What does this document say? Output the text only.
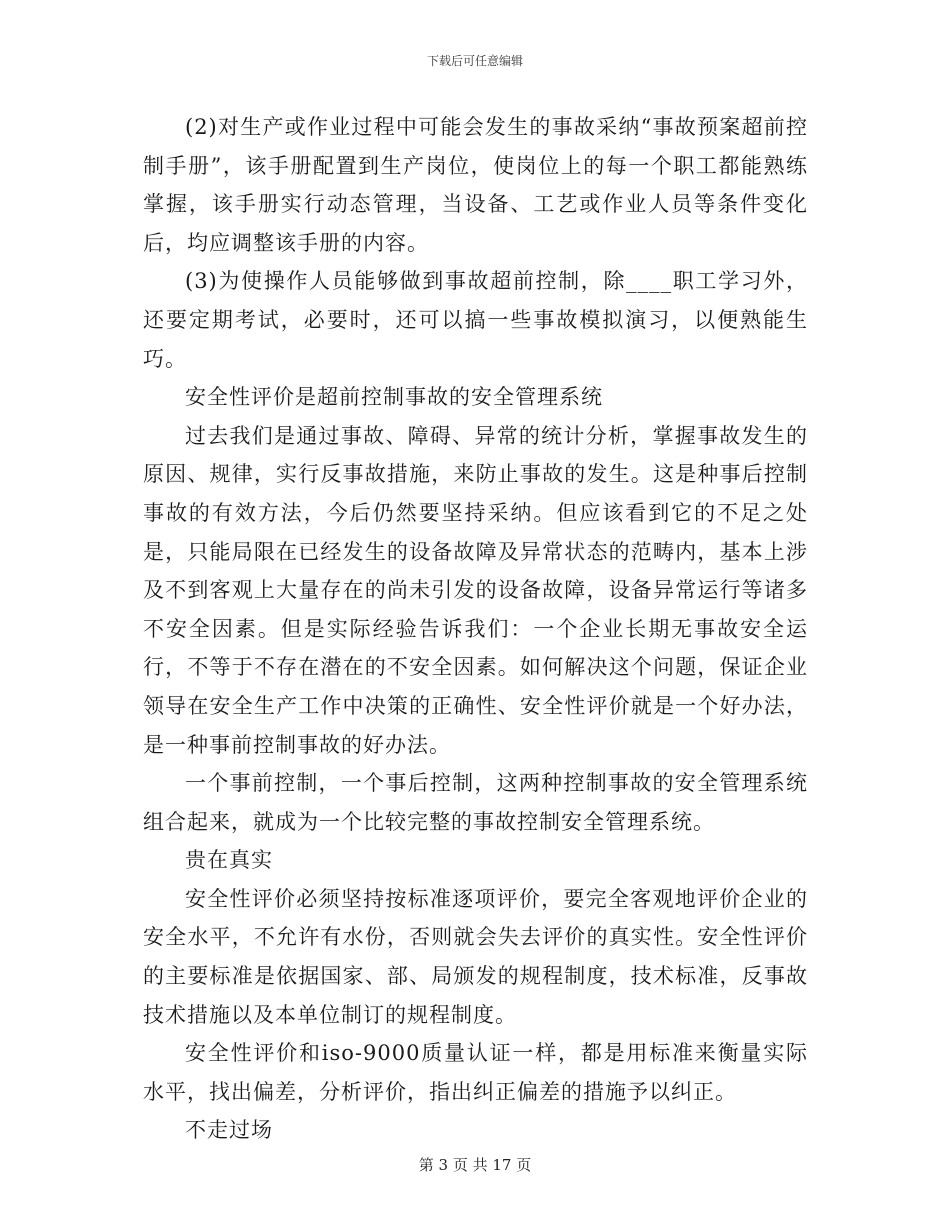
下载后可任意编辑

(2)对生产或作业过程中可能会发生的事故采纳“事故预案超前控制手册”，该手册配置到生产岗位，使岗位上的每一个职工都能熟练掌握，该手册实行动态管理，当设备、工艺或作业人员等条件变化后，均应调整该手册的内容。

(3)为使操作人员能够做到事故超前控制，除____职工学习外，还要定期考试，必要时，还可以搞一些事故模拟演习，以便熟能生巧。

安全性评价是超前控制事故的安全管理系统

过去我们是通过事故、障碍、异常的统计分析，掌握事故发生的原因、规律，实行反事故措施，来防止事故的发生。这是种事后控制事故的有效方法，今后仍然要坚持采纳。但应该看到它的不足之处是，只能局限在已经发生的设备故障及异常状态的范畴内，基本上涉及不到客观上大量存在的尚未引发的设备故障，设备异常运行等诸多不安全因素。但是实际经验告诉我们：一个企业长期无事故安全运行，不等于不存在潜在的不安全因素。如何解决这个问题，保证企业领导在安全生产工作中决策的正确性、安全性评价就是一个好办法，是一种事前控制事故的好办法。

一个事前控制，一个事后控制，这两种控制事故的安全管理系统组合起来，就成为一个比较完整的事故控制安全管理系统。

贵在真实

安全性评价必须坚持按标准逐项评价，要完全客观地评价企业的安全水平，不允许有水份，否则就会失去评价的真实性。安全性评价的主要标准是依据国家、部、局颁发的规程制度，技术标准，反事故技术措施以及本单位制订的规程制度。

安全性评价和iso-9000质量认证一样，都是用标准来衡量实际水平，找出偏差，分析评价，指出纠正偏差的措施予以纠正。

不走过场

第 3 页 共 17 页
